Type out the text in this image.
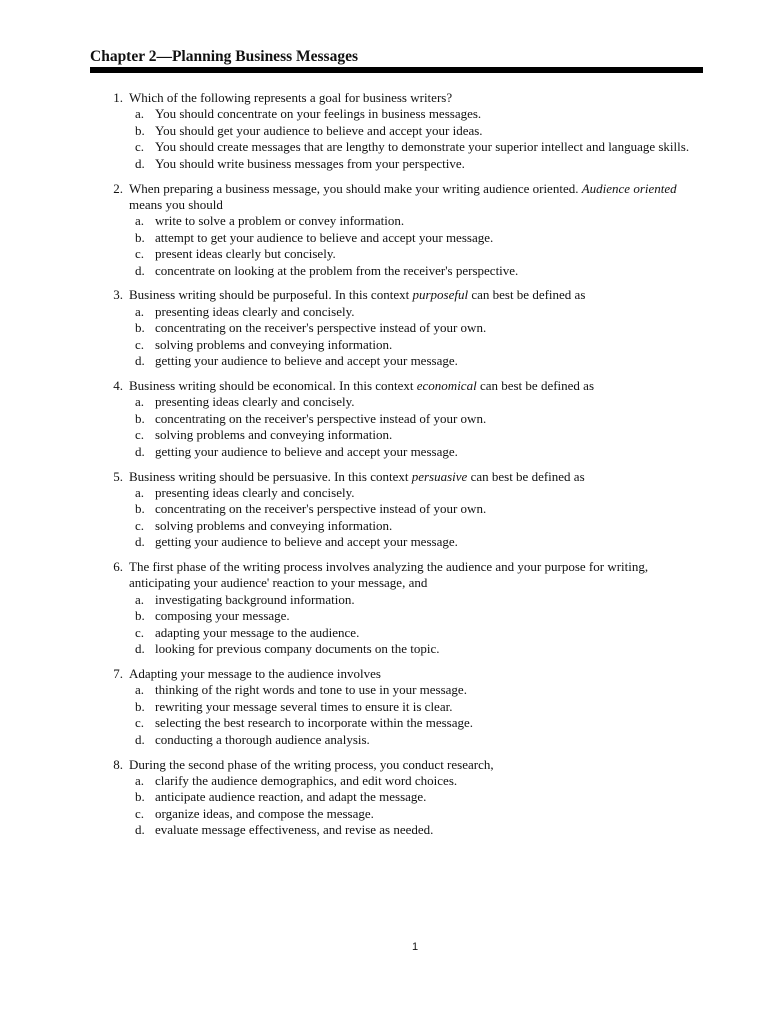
Chapter 2—Planning Business Messages
1. Which of the following represents a goal for business writers?
a. You should concentrate on your feelings in business messages.
b. You should get your audience to believe and accept your ideas.
c. You should create messages that are lengthy to demonstrate your superior intellect and language skills.
d. You should write business messages from your perspective.
2. When preparing a business message, you should make your writing audience oriented. Audience oriented means you should
a. write to solve a problem or convey information.
b. attempt to get your audience to believe and accept your message.
c. present ideas clearly but concisely.
d. concentrate on looking at the problem from the receiver's perspective.
3. Business writing should be purposeful. In this context purposeful can best be defined as
a. presenting ideas clearly and concisely.
b. concentrating on the receiver's perspective instead of your own.
c. solving problems and conveying information.
d. getting your audience to believe and accept your message.
4. Business writing should be economical. In this context economical can best be defined as
a. presenting ideas clearly and concisely.
b. concentrating on the receiver's perspective instead of your own.
c. solving problems and conveying information.
d. getting your audience to believe and accept your message.
5. Business writing should be persuasive. In this context persuasive can best be defined as
a. presenting ideas clearly and concisely.
b. concentrating on the receiver's perspective instead of your own.
c. solving problems and conveying information.
d. getting your audience to believe and accept your message.
6. The first phase of the writing process involves analyzing the audience and your purpose for writing, anticipating your audience' reaction to your message, and
a. investigating background information.
b. composing your message.
c. adapting your message to the audience.
d. looking for previous company documents on the topic.
7. Adapting your message to the audience involves
a. thinking of the right words and tone to use in your message.
b. rewriting your message several times to ensure it is clear.
c. selecting the best research to incorporate within the message.
d. conducting a thorough audience analysis.
8. During the second phase of the writing process, you conduct research,
a. clarify the audience demographics, and edit word choices.
b. anticipate audience reaction, and adapt the message.
c. organize ideas, and compose the message.
d. evaluate message effectiveness, and revise as needed.
1
